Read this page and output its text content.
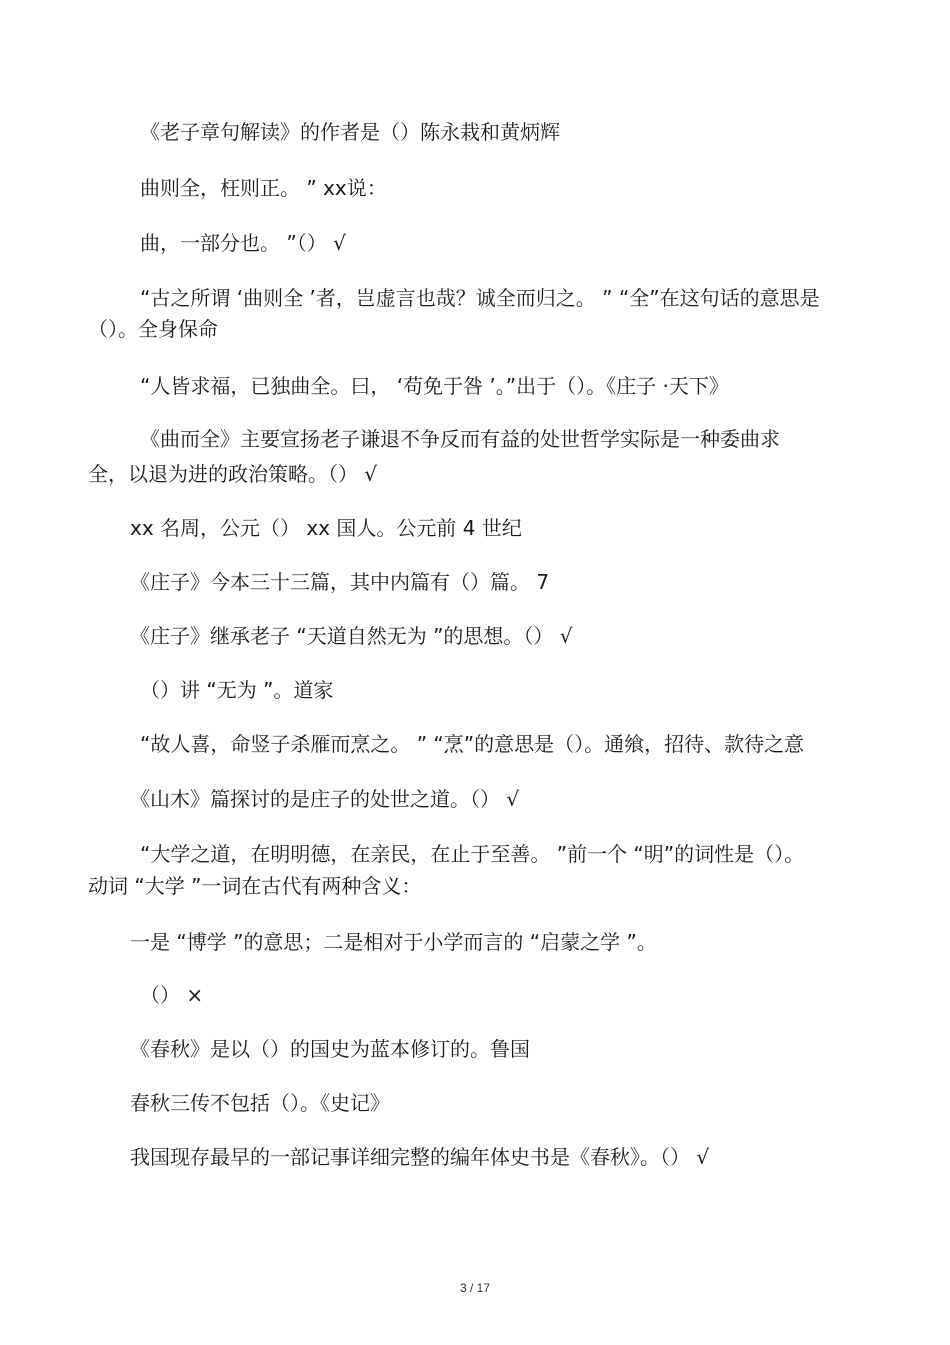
《老子章句解读》的作者是（）陈永栽和黄炳辉
曲则全，枉则正。 ” xx说：
曲，一部分也。 ”（） √
“古之所谓 ‘曲则全 ’者，岂虚言也哉？诚全而归之。 ” “全”在这句话的意思是
（）。全身保命
“人皆求福，已独曲全。曰， ‘苟免于咎 ’。”出于（）。《庄子 ·天下》
《曲而全》主要宣扬老子谦退不争反而有益的处世哲学实际是一种委曲求
全，以退为进的政治策略。（） √
xx 名周，公元（） xx 国人。公元前 4 世纪
《庄子》今本三十三篇，其中内篇有（）篇。 7
《庄子》继承老子 “天道自然无为 ”的思想。（） √
（）讲 “无为 ”。道家
“故人喜，命竖子杀雁而烹之。 ” “烹”的意思是（）。通飨，招待、款待之意
《山木》篇探讨的是庄子的处世之道。（） √
“大学之道，在明明德，在亲民，在止于至善。 ”前一个 “明”的词性是（）。
动词 “大学 ”一词在古代有两种含义：
一是 “博学 ”的意思；二是相对于小学而言的 “启蒙之学 ”。
（） ×
《春秋》是以（）的国史为蓝本修订的。鲁国
春秋三传不包括（）。《史记》
我国现存最早的一部记事详细完整的编年体史书是《春秋》。（） √
3 / 17
